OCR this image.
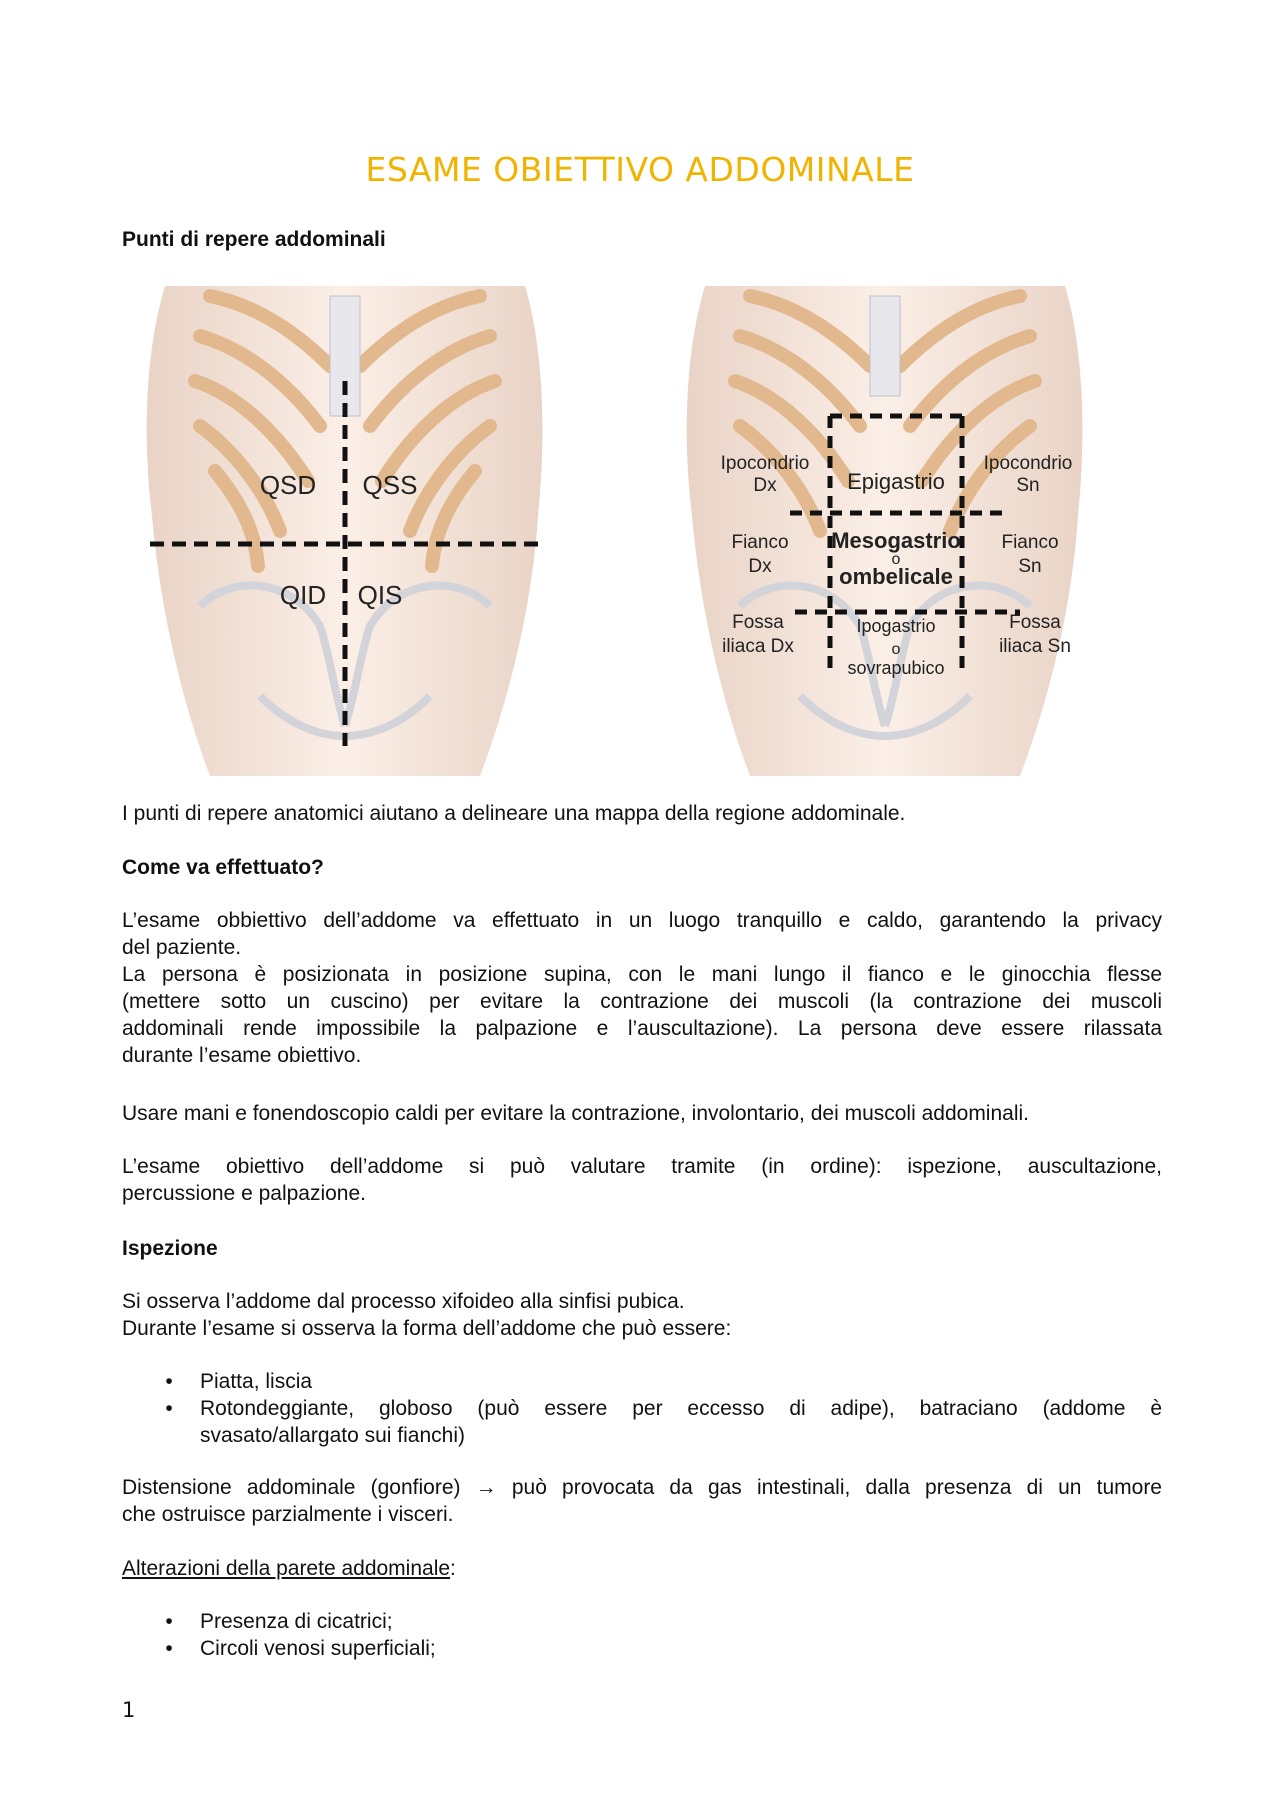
ESAME OBIETTIVO ADDOMINALE
Punti di repere addominali
QSD QSS
QID QIS
Ipocondrio
Dx	Epigastrio
Ipocondrio
Sn
Fianco
Dx
Mesogastrio
o
ombelicale
Fianco
Sn
Fossa
iliaca Dx
Ipogastrio
o
sovrapubico
Fossa
iliaca Sn
I punti di repere anatomici aiutano a delineare una mappa della regione addominale.
Come va effettuato?
L’esame obbiettivo dell’addome va effettuato in un luogo tranquillo e caldo, garantendo la privacy
del paziente.
La persona è posizionata in posizione supina, con le mani lungo il fianco e le ginocchia flesse
(mettere sotto un cuscino) per evitare la contrazione dei muscoli (la contrazione dei muscoli
addominali rende impossibile la palpazione e l’auscultazione). La persona deve essere rilassata
durante l’esame obiettivo.
Usare mani e fonendoscopio caldi per evitare la contrazione, involontario, dei muscoli addominali.
L’esame obiettivo dell’addome si può valutare tramite (in ordine): ispezione, auscultazione,
percussione e palpazione.
Ispezione
Si osserva l’addome dal processo xifoideo alla sinfisi pubica.
Durante l’esame si osserva la forma dell’addome che può essere:
• Piatta, liscia
• Rotondeggiante, globoso (può essere per eccesso di adipe), batraciano (addome è
svasato/allargato sui fianchi)
Distensione addominale (gonfiore) → può provocata da gas intestinali, dalla presenza di un tumore
che ostruisce parzialmente i visceri.
Alterazioni della parete addominale:
• Presenza di cicatrici;
• Circoli venosi superficiali;
1
